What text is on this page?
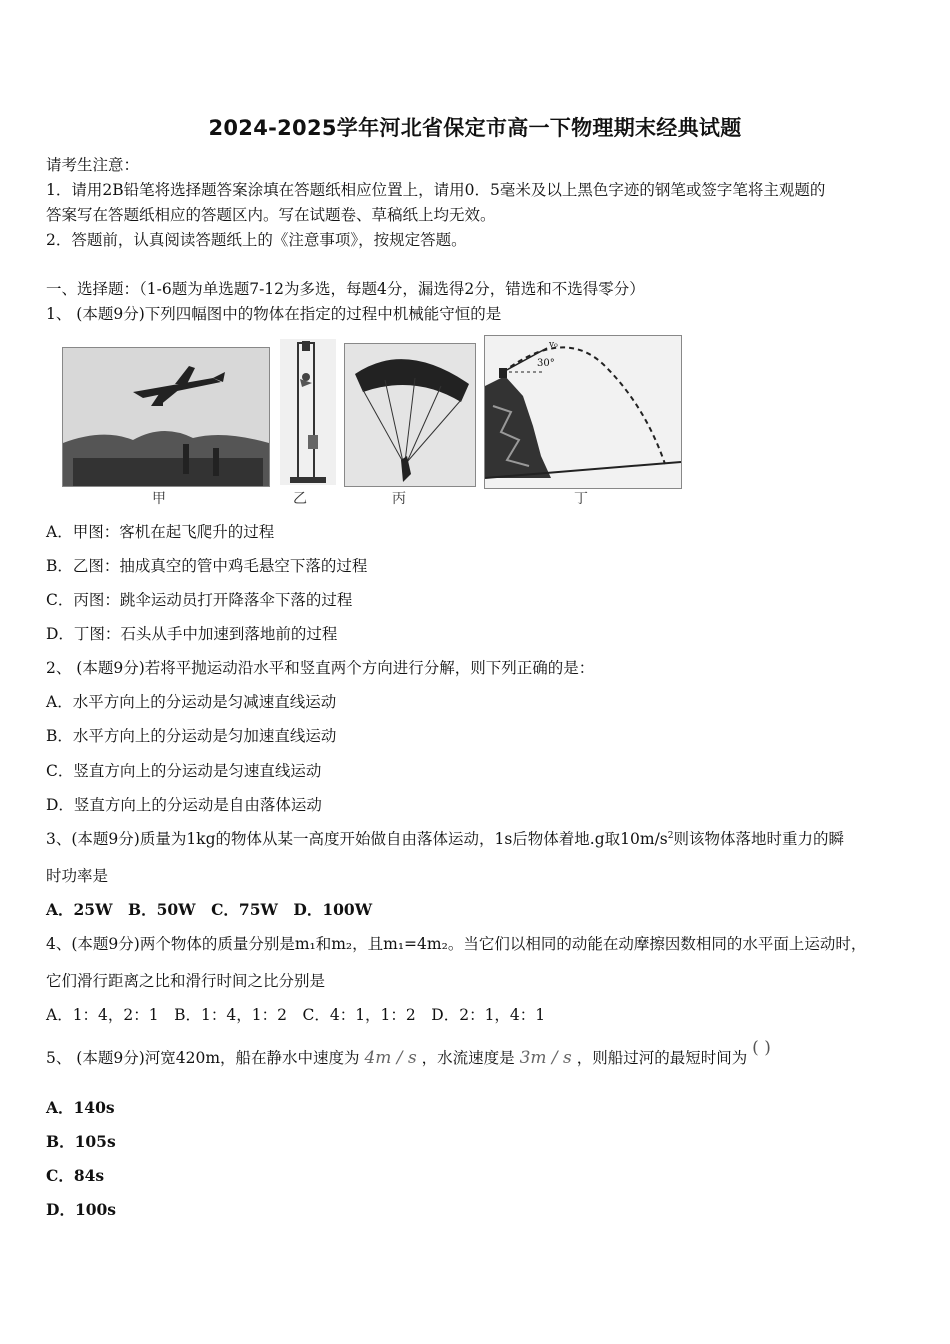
2024-2025学年河北省保定市高一下物理期末经典试题
请考生注意：
1．请用2B铅笔将选择题答案涂填在答题纸相应位置上，请用0．5毫米及以上黑色字迹的钢笔或签字笔将主观题的
答案写在答题纸相应的答题区内。写在试题卷、草稿纸上均无效。
2．答题前，认真阅读答题纸上的《注意事项》，按规定答题。
一、选择题：（1-6题为单选题7-12为多选，每题4分，漏选得2分，错选和不选得零分）
1、 (本题9分)下列四幅图中的物体在指定的过程中机械能守恒的是
v₀
30°
甲	乙	丙	丁
A．甲图：客机在起飞爬升的过程
B．乙图：抽成真空的管中鸡毛悬空下落的过程
C．丙图：跳伞运动员打开降落伞下落的过程
D．丁图：石头从手中加速到落地前的过程
2、 (本题9分)若将平抛运动沿水平和竖直两个方向进行分解，则下列正确的是：
A．水平方向上的分运动是匀减速直线运动
B．水平方向上的分运动是匀加速直线运动
C．竖直方向上的分运动是匀速直线运动
D．竖直方向上的分运动是自由落体运动
3、(本题9分)质量为1kg的物体从某一高度开始做自由落体运动，1s后物体着地.g取$10m/s^2$则该物体落地时重力的瞬
时功率是
A．25W　B．50W　C．75W　D．100W
4、(本题9分)两个物体的质量分别是m₁和m₂，且m₁=4m₂。当它们以相同的动能在动摩擦因数相同的水平面上运动时，
它们滑行距离之比和滑行时间之比分别是
A．1：4，2：1　B．1：4，1：2　C．4：1，1：2　D．2：1，4：1
5、 (本题9分)河宽420m，船在静水中速度为 4m / s ，水流速度是 3m / s ，则船过河的最短时间为 ( )
A．140s
B．105s
C．84s
D．100s
